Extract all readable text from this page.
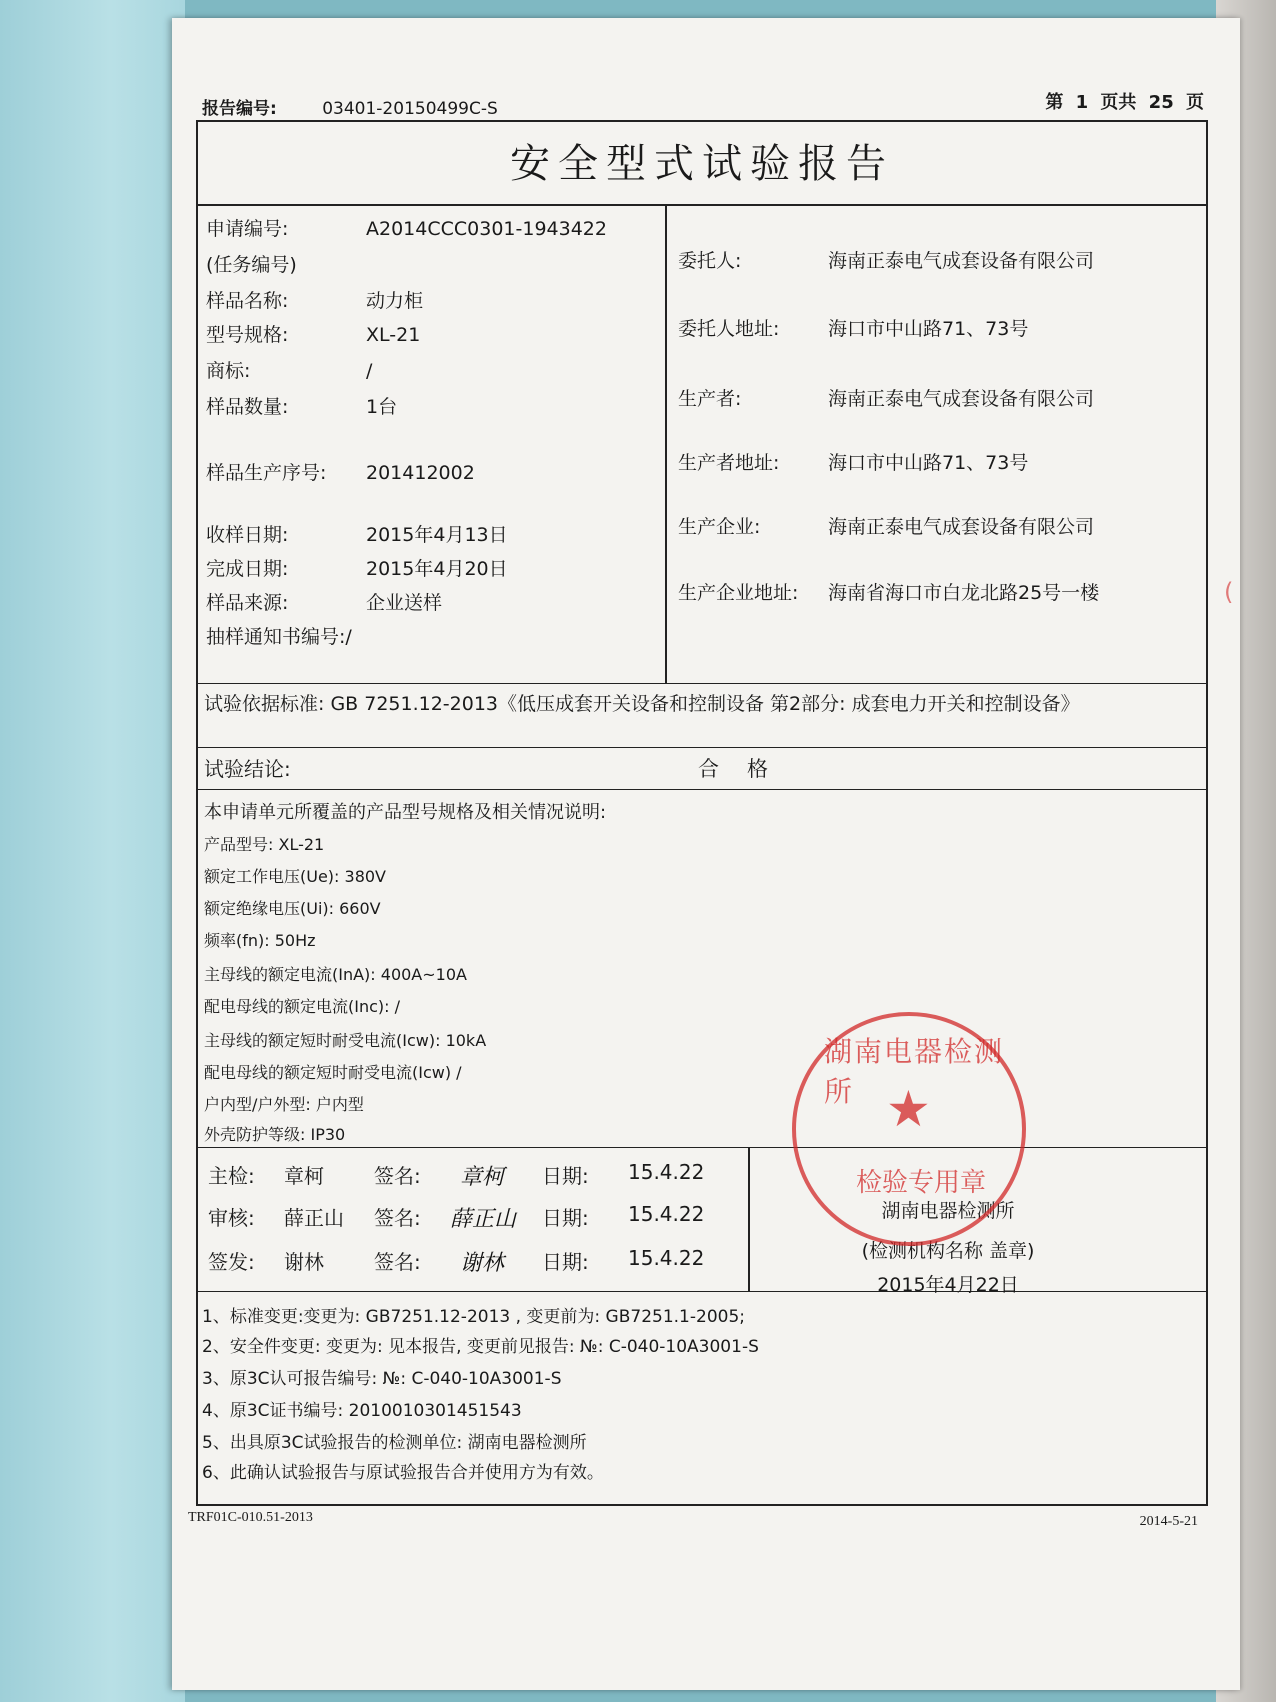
报告编号:	03401-20150499C-S	第 1 页共 25 页
安全型式试验报告
申请编号:	A2014CCC0301-1943422
(任务编号)
样品名称:	动力柜
型号规格:	XL-21
商标:	/
样品数量:	1台
样品生产序号: 201412002
收样日期:	2015年4月13日
完成日期:	2015年4月20日
样品来源:	企业送样
抽样通知书编号:/
委托人:	海南正泰电气成套设备有限公司
委托人地址:	海口市中山路71、73号
生产者:	海南正泰电气成套设备有限公司
生产者地址:	海口市中山路71、73号
生产企业:	海南正泰电气成套设备有限公司
生产企业地址: 海南省海口市白龙北路25号一楼
试验依据标准: GB 7251.12-2013《低压成套开关设备和控制设备 第2部分: 成套电力开关和控制设备》
试验结论:	合格
本申请单元所覆盖的产品型号规格及相关情况说明:
产品型号: XL-21
额定工作电压(Ue): 380V
额定绝缘电压(Ui): 660V
频率(fn): 50Hz
主母线的额定电流(InA): 400A~10A
配电母线的额定电流(Inc): /
主母线的额定短时耐受电流(Icw): 10kA
配电母线的额定短时耐受电流(Icw) /
户内型/户外型: 户内型
外壳防护等级: IP30
主检: 章柯	签名: 章柯 日期: 15.4.22
审核: 薛正山 签名: 薛正山 日期: 15.4.22
签发: 谢林	签名: 谢林 日期: 15.4.22
湖南电器检测所
(检测机构名称 盖章)
2015年4月22日
1、标准变更:变更为: GB7251.12-2013 , 变更前为: GB7251.1-2005;
2、安全件变更: 变更为: 见本报告, 变更前见报告: №: C-040-10A3001-S
3、原3C认可报告编号: №: C-040-10A3001-S
4、原3C证书编号: 2010010301451543
5、出具原3C试验报告的检测单位: 湖南电器检测所
6、此确认试验报告与原试验报告合并使用方为有效。
湖南电器检测所 ★
检验专用章
(
TRF01C-010.51-2013	2014-5-21
